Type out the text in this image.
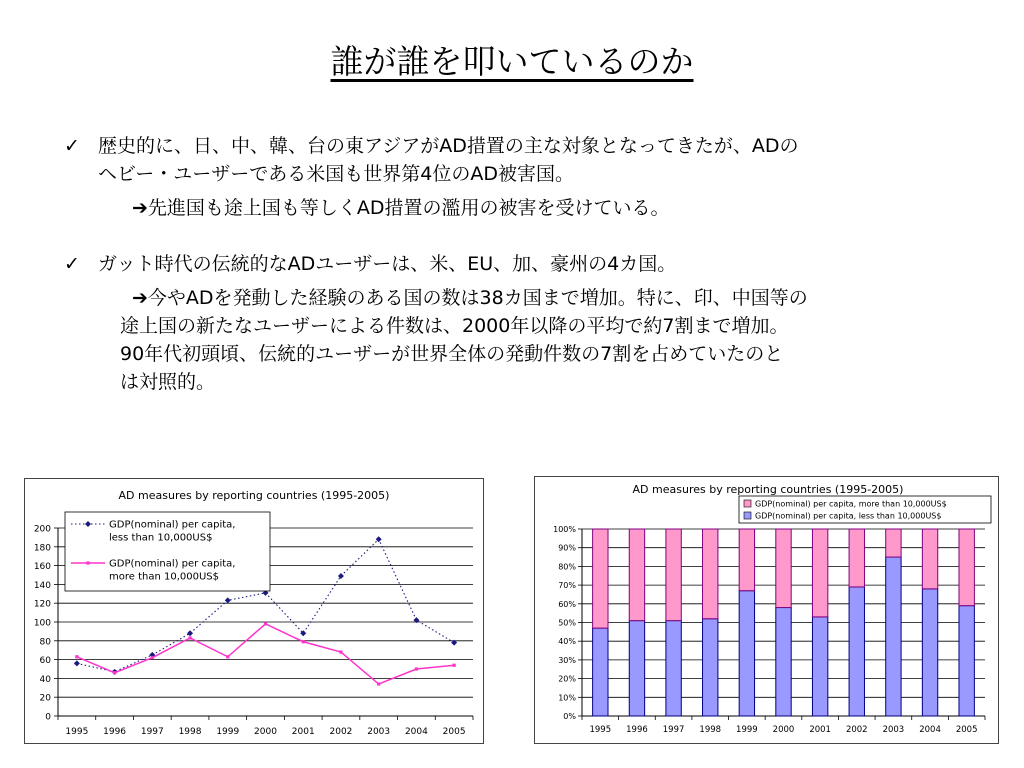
誰が誰を叩いているのか
✓ 歴史的に、日、中、韓、台の東アジアがAD措置の主な対象となってきたが、ADの
ヘビー・ユーザーである米国も世界第4位のAD被害国。
➔先進国も途上国も等しくAD措置の濫用の被害を受けている。
✓ ガット時代の伝統的なADユーザーは、米、EU、加、豪州の4カ国。
➔今やADを発動した経験のある国の数は38カ国まで増加。特に、印、中国等の
途上国の新たなユーザーによる件数は、2000年以降の平均で約7割まで増加。
90年代初頭頃、伝統的ユーザーが世界全体の発動件数の7割を占めていたのと
は対照的。
AD measures by reporting countries (1995-2005)
0
20
40
60
80
100
120
140
160
180
200
1995 1996 1997 1998 1999 2000 2001 2002 2003 2004 2005
GDP(nominal) per capita,
less than 10,000US$
GDP(nominal) per capita,
more than 10,000US$
AD measures by reporting countries (1995-2005)
0%
10%
20%
30%
40%
50%
60%
70%
80%
90%
100%
1995 1996 1997 1998 1999 2000 2001 2002 2003 2004 2005
GDP(nominal) per capita, more than 10,000US$
GDP(nominal) per capita, less than 10,000US$
